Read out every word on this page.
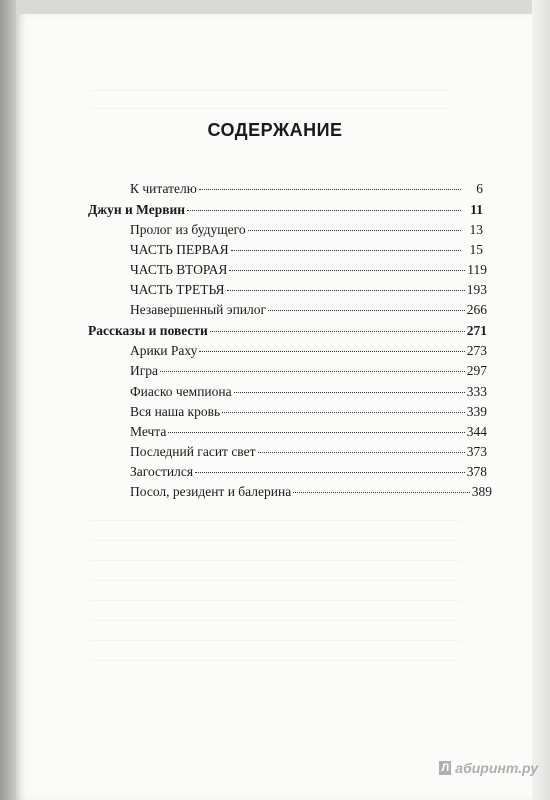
СОДЕРЖАНИЕ
К читателю	6
Джун и Мервин	11
Пролог из будущего	13
ЧАСТЬ ПЕРВАЯ	15
ЧАСТЬ ВТОРАЯ	119
ЧАСТЬ ТРЕТЬЯ	193
Незавершенный эпилог	266
Рассказы и повести	271
Арики Раху	273
Игра	297
Фиаско чемпиона	333
Вся наша кровь	339
Мечта	344
Последний гасит свет	373
Загостился	378
Посол, резидент и балерина	389
Л абиринт.ру
